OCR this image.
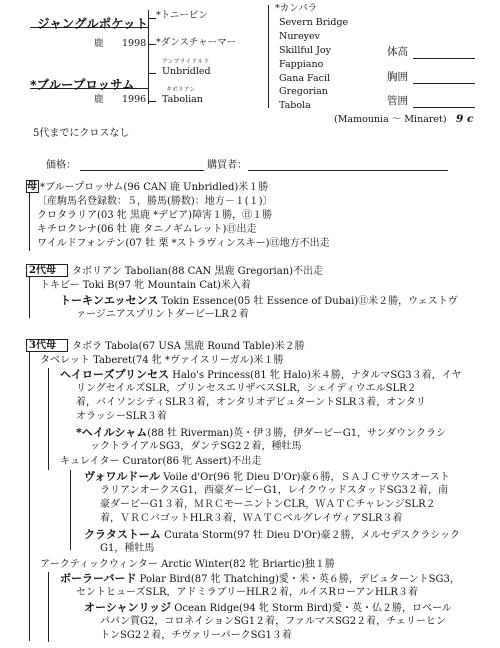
ジャングルポケット
鹿 1998
*ブループロッサム
鹿 1996
*トニービン
*ダンスチャーマー
アンブライドルド
Unbridled
タボリアン
Tabolian
*カンパラ
Severn Bridge
Nureyev
Skillful Joy
Fappiano
Gana Facil
Gregorian
Tabola
体高
胸囲
管囲
(Mamounia ～ Minaret) 9 c
5代までにクロスなし
価格：	購買者：
母 *ブループロッサム(96 CAN 鹿 Unbridled)米１勝

〔産駒馬名登録数：５，勝馬(勝数)：地方－１(１)〕

クロタラリア(03 牝 黒鹿 *デピア)障害１勝，㊐１勝

キチロクレナ(06 牡 鹿 タニノギムレット)㊐出走

ワイルドフォンテン(07 牡 栗 *ストラヴィンスキー)㊐地方不出走

2代母 タボリアン Tabolian(88 CAN 黒鹿 Gregorian)不出走

トキビー Toki B(97 牝 Mountain Cat)米入着

トーキンエッセンス Tokin Essence(05 牡 Essence of Dubai)㊐米２勝，ウェストヴ

ァージニアスプリントダービーLR２着

3代母 タボラ Tabola(67 USA 黒鹿 Round Table)米２勝

タベレット Taberet(74 牝 *ヴァイスリーガル)米１勝

ヘイローズプリンセス Halo's Princess(81 牝 Halo)米４勝，ナタルマSG3３着，イヤ

リングセイルズSLR，プリンセスエリザベスSLR，シェイディウエルSLR２

着，バイソンシティSLR３着，オンタリオデビュターントSLR３着，オンタリ

オラッシーSLR３着

*ヘイルシャム(88 牡 Riverman)英・伊３勝，伊ダービーG1，サンダウンクラシ

ックトライアルSG3，ダンテSG2２着，種牡馬

キュレイター Curator(86 牝 Assert)不出走

ヴォワルドール Voile d'Or(96 牝 Dieu D'Or)豪６勝，ＳＡＪＣサウスオースト

ラリアンオークスG1，西豪ダービーG1，レイクウッドスタッドSG3２着，南

豪ダービーG1３着，ＭＲＣモーニントンCLR，ＷＡＴＣチャレンジSLR２

着，ＶＲＣバゴットHLR３着，ＷＡＴＣベルグレイヴィアSLR３着

クラタストーム Curata Storm(97 牡 Dieu D'Or)豪２勝，メルセデスクラシック

G1，種牡馬

アークティックウィンター Arctic Winter(82 牝 Briartic)独１勝

ボーラーバード Polar Bird(87 牝 Thatching)愛・米・英６勝，デビュターントSG3，

セントヒューズSLR，アドミラブリーHLR２着，ルイスRローアンHLR３着

オーシャンリッジ Ocean Ridge(94 牝 Storm Bird)愛・英・仏２勝，ロベール

パパン賞G2，コロネイションSG1２着，ファルマスSG2２着，チェリーヒン

トンSG2２着，チヴァリーパークSG1３着
